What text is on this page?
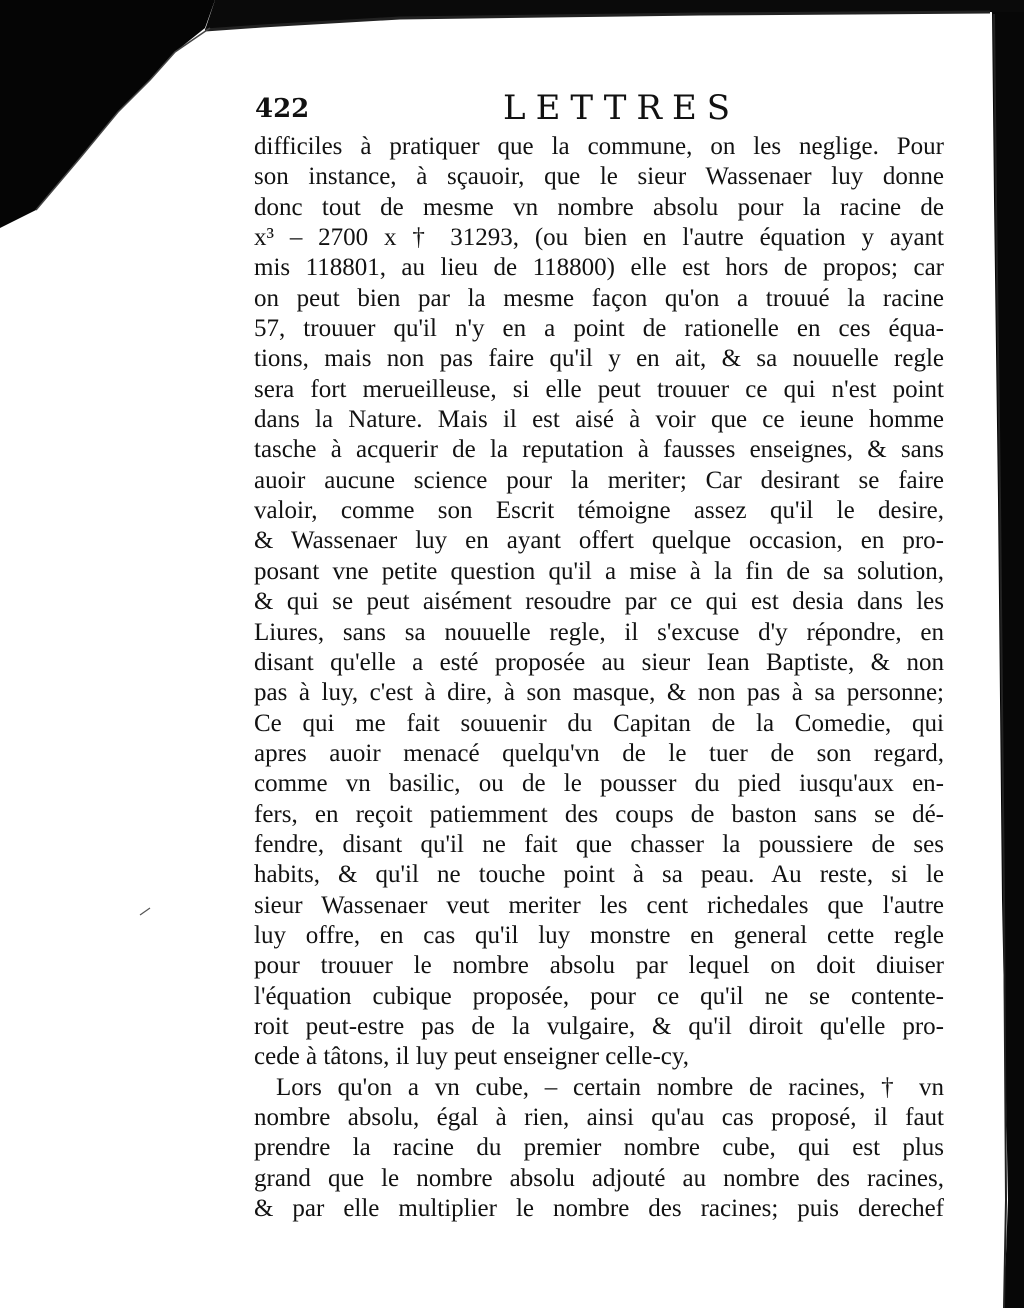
422	LETTRES
difficiles à pratiquer que la commune, on les neglige. Pour
son instance, à sçauoir, que le sieur Wassenaer luy donne
donc tout de mesme vn nombre absolu pour la racine de
x³ – 2700 x † 31293, (ou bien en l'autre équation y ayant
mis 118801, au lieu de 118800) elle est hors de propos; car
on peut bien par la mesme façon qu'on a trouué la racine
57, trouuer qu'il n'y en a point de rationelle en ces équa-
tions, mais non pas faire qu'il y en ait, & sa nouuelle regle
sera fort merueilleuse, si elle peut trouuer ce qui n'est point
dans la Nature. Mais il est aisé à voir que ce ieune homme
tasche à acquerir de la reputation à fausses enseignes, & sans
auoir aucune science pour la meriter; Car desirant se faire
valoir, comme son Escrit témoigne assez qu'il le desire,
& Wassenaer luy en ayant offert quelque occasion, en pro-
posant vne petite question qu'il a mise à la fin de sa solution,
& qui se peut aisément resoudre par ce qui est desia dans les
Liures, sans sa nouuelle regle, il s'excuse d'y répondre, en
disant qu'elle a esté proposée au sieur Iean Baptiste, & non
pas à luy, c'est à dire, à son masque, & non pas à sa personne;
Ce qui me fait souuenir du Capitan de la Comedie, qui
apres auoir menacé quelqu'vn de le tuer de son regard,
comme vn basilic, ou de le pousser du pied iusqu'aux en-
fers, en reçoit patiemment des coups de baston sans se dé-
fendre, disant qu'il ne fait que chasser la poussiere de ses
habits, & qu'il ne touche point à sa peau. Au reste, si le
sieur Wassenaer veut meriter les cent richedales que l'autre
luy offre, en cas qu'il luy monstre en general cette regle
pour trouuer le nombre absolu par lequel on doit diuiser
l'équation cubique proposée, pour ce qu'il ne se contente-
roit peut-estre pas de la vulgaire, & qu'il diroit qu'elle pro-
cede à tâtons, il luy peut enseigner celle-cy,
Lors qu'on a vn cube, – certain nombre de racines, † vn
nombre absolu, égal à rien, ainsi qu'au cas proposé, il faut
prendre la racine du premier nombre cube, qui est plus
grand que le nombre absolu adjouté au nombre des racines,
& par elle multiplier le nombre des racines; puis derechef
